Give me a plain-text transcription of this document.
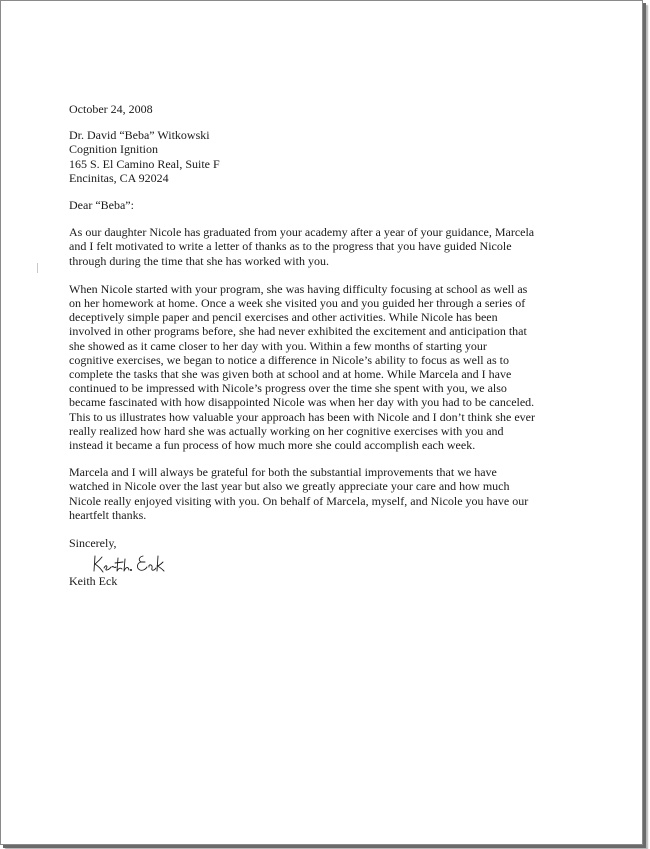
October 24, 2008
Dr. David “Beba” Witkowski
Cognition Ignition
165 S. El Camino Real, Suite F
Encinitas, CA 92024
Dear “Beba”:
As our daughter Nicole has graduated from your academy after a year of your guidance, Marcela
and I felt motivated to write a letter of thanks as to the progress that you have guided Nicole
through during the time that she has worked with you.
When Nicole started with your program, she was having difficulty focusing at school as well as
on her homework at home. Once a week she visited you and you guided her through a series of
deceptively simple paper and pencil exercises and other activities. While Nicole has been
involved in other programs before, she had never exhibited the excitement and anticipation that
she showed as it came closer to her day with you. Within a few months of starting your
cognitive exercises, we began to notice a difference in Nicole’s ability to focus as well as to
complete the tasks that she was given both at school and at home. While Marcela and I have
continued to be impressed with Nicole’s progress over the time she spent with you, we also
became fascinated with how disappointed Nicole was when her day with you had to be canceled.
This to us illustrates how valuable your approach has been with Nicole and I don’t think she ever
really realized how hard she was actually working on her cognitive exercises with you and
instead it became a fun process of how much more she could accomplish each week.
Marcela and I will always be grateful for both the substantial improvements that we have
watched in Nicole over the last year but also we greatly appreciate your care and how much
Nicole really enjoyed visiting with you. On behalf of Marcela, myself, and Nicole you have our
heartfelt thanks.
Sincerely,
Keith Eck
